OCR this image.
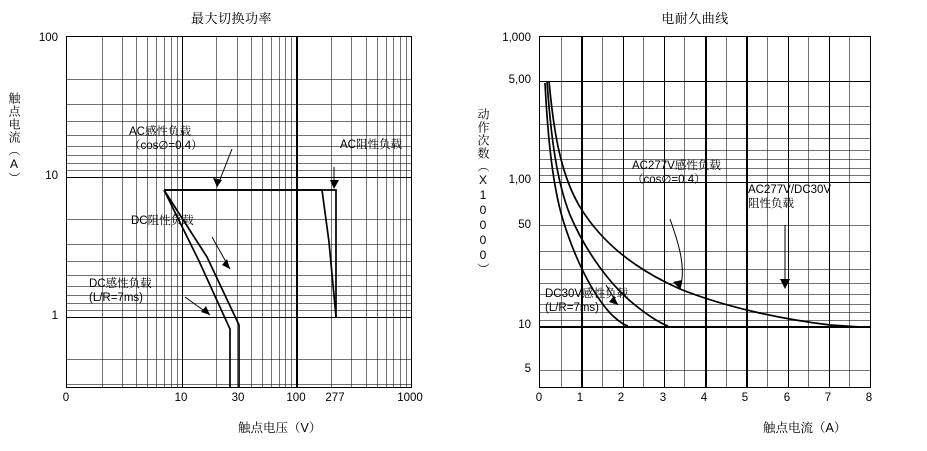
最大切换功率
触点电流（A）
触点电压（V）
AC感性负载
（cos∅=0.4）	AC阻性负载
DC阻性负载
DC感性负载
(L/R=7ms)
100
10
1
0	10	30	100 277	1000
电耐久曲线
动作次数（X10000）
触点电流（A）
AC277V感性负载
（cos∅=0.4）
AC277V/DC30V
阻性负载
DC30V感性负载
(L/R=7ms)
1,000
5,00
1,00
50
10
5
0	1	2	3	4	5	6	7	8
